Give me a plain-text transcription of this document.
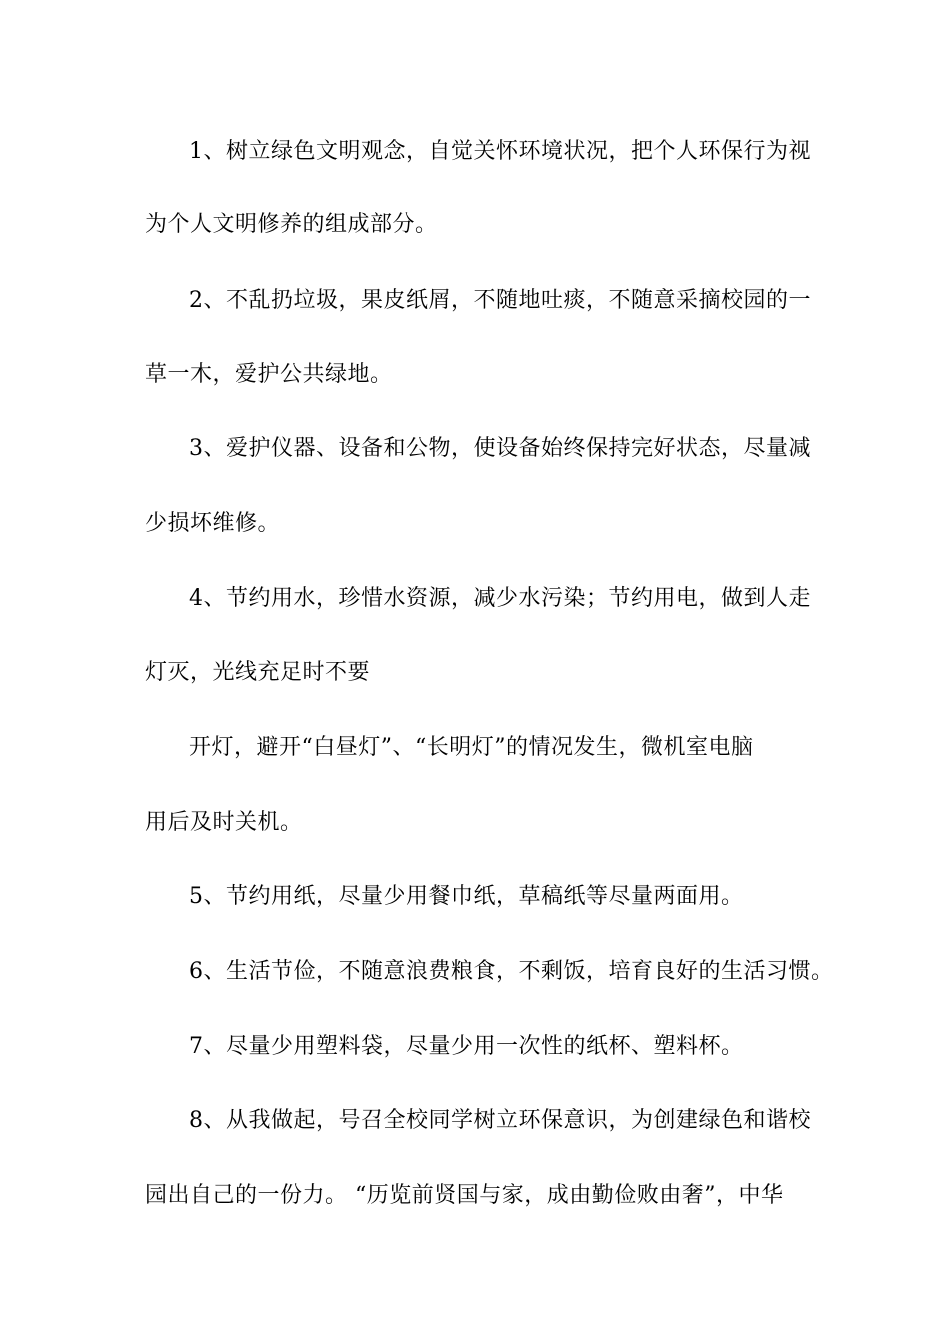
1、树立绿色文明观念，自觉关怀环境状况，把个人环保行为视
为个人文明修养的组成部分。
2、不乱扔垃圾，果皮纸屑，不随地吐痰，不随意采摘校园的一
草一木，爱护公共绿地。
3、爱护仪器、设备和公物，使设备始终保持完好状态，尽量减
少损坏维修。
4、节约用水，珍惜水资源，减少水污染；节约用电，做到人走
灯灭，光线充足时不要
开灯，避开“白昼灯”、“长明灯”的情况发生，微机室电脑
用后及时关机。
5、节约用纸，尽量少用餐巾纸，草稿纸等尽量两面用。
6、生活节俭，不随意浪费粮食，不剩饭，培育良好的生活习惯。
7、尽量少用塑料袋，尽量少用一次性的纸杯、塑料杯。
8、从我做起，号召全校同学树立环保意识，为创建绿色和谐校
园出自己的一份力。 “历览前贤国与家，成由勤俭败由奢”，中华
